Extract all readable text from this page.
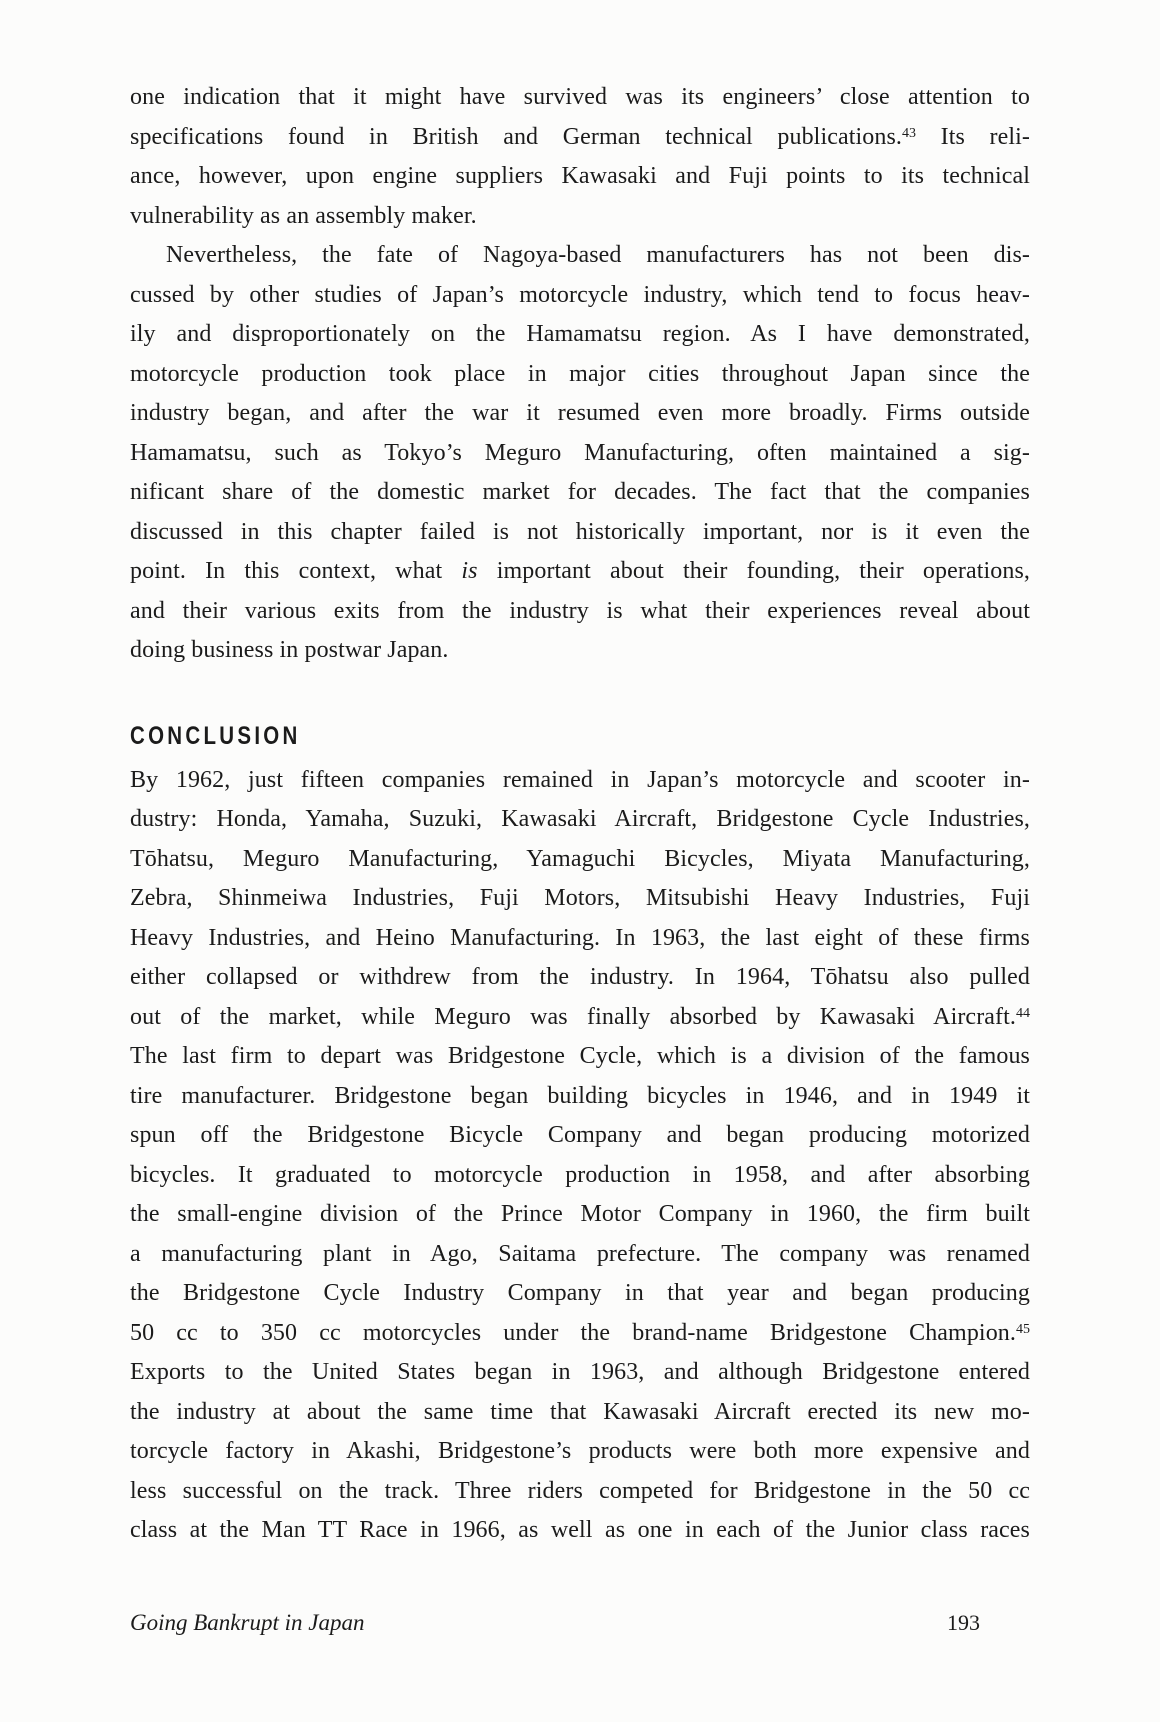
one indication that it might have survived was its engineers’ close attention to
specifications found in British and German technical publications.$^{43}$ Its reli-
ance, however, upon engine suppliers Kawasaki and Fuji points to its technical
vulnerability as an assembly maker.
Nevertheless, the fate of Nagoya-based manufacturers has not been dis-
cussed by other studies of Japan’s motorcycle industry, which tend to focus heav-
ily and disproportionately on the Hamamatsu region. As I have demonstrated,
motorcycle production took place in major cities throughout Japan since the
industry began, and after the war it resumed even more broadly. Firms outside
Hamamatsu, such as Tokyo’s Meguro Manufacturing, often maintained a sig-
nificant share of the domestic market for decades. The fact that the companies
discussed in this chapter failed is not historically important, nor is it even the
point. In this context, what is important about their founding, their operations,
and their various exits from the industry is what their experiences reveal about
doing business in postwar Japan.
CONCLUSION
By 1962, just fifteen companies remained in Japan’s motorcycle and scooter in-
dustry: Honda, Yamaha, Suzuki, Kawasaki Aircraft, Bridgestone Cycle Industries,
Tōhatsu, Meguro Manufacturing, Yamaguchi Bicycles, Miyata Manufacturing,
Zebra, Shinmeiwa Industries, Fuji Motors, Mitsubishi Heavy Industries, Fuji
Heavy Industries, and Heino Manufacturing. In 1963, the last eight of these firms
either collapsed or withdrew from the industry. In 1964, Tōhatsu also pulled
out of the market, while Meguro was finally absorbed by Kawasaki Aircraft.$^{44}$
The last firm to depart was Bridgestone Cycle, which is a division of the famous
tire manufacturer. Bridgestone began building bicycles in 1946, and in 1949 it
spun off the Bridgestone Bicycle Company and began producing motorized
bicycles. It graduated to motorcycle production in 1958, and after absorbing
the small-engine division of the Prince Motor Company in 1960, the firm built
a manufacturing plant in Ago, Saitama prefecture. The company was renamed
the Bridgestone Cycle Industry Company in that year and began producing
50 cc to 350 cc motorcycles under the brand-name Bridgestone Champion.$^{45}$
Exports to the United States began in 1963, and although Bridgestone entered
the industry at about the same time that Kawasaki Aircraft erected its new mo-
torcycle factory in Akashi, Bridgestone’s products were both more expensive and
less successful on the track. Three riders competed for Bridgestone in the 50 cc
class at the Man TT Race in 1966, as well as one in each of the Junior class races
Going Bankrupt in Japan	193
